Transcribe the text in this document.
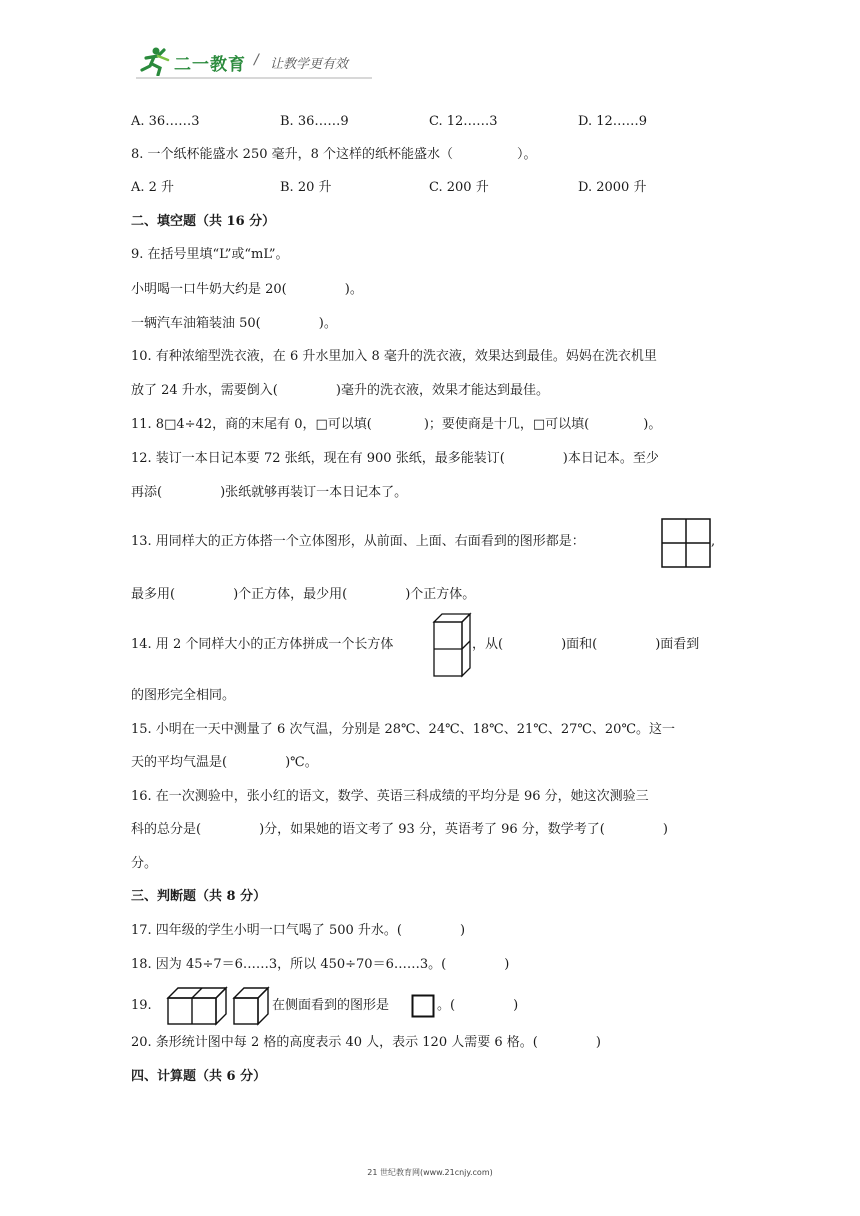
二一教育 / 让教学更有效
A. 36……3	B. 36……9	C. 12……3	D. 12……9
8. 一个纸杯能盛水 250 毫升，8 个这样的纸杯能盛水（	）。
A. 2 升	B. 20 升	C. 200 升	D. 2000 升
二、填空题（共 16 分）
9. 在括号里填“L”或“mL”。
小明喝一口牛奶大约是 20(	)。
一辆汽车油箱装油 50(	)。
10. 有种浓缩型洗衣液，在 6 升水里加入 8 毫升的洗衣液，效果达到最佳。妈妈在洗衣机里
放了 24 升水，需要倒入(	)毫升的洗衣液，效果才能达到最佳。
11. 8□4÷42，商的末尾有 0，□可以填(	)；要使商是十几，□可以填(	)。
12. 装订一本日记本要 72 张纸，现在有 900 张纸，最多能装订(	)本日记本。至少
再添(	)张纸就够再装订一本日记本了。
13. 用同样大的正方体搭一个立体图形，从前面、上面、右面看到的图形都是：	,
最多用(	)个正方体，最少用(	)个正方体。
14. 用 2 个同样大小的正方体拼成一个长方体	，从(	)面和(	)面看到
的图形完全相同。
15. 小明在一天中测量了 6 次气温，分别是 28℃、24℃、18℃、21℃、27℃、20℃。这一
天的平均气温是(	)℃。
16. 在一次测验中，张小红的语文，数学、英语三科成绩的平均分是 96 分，她这次测验三
科的总分是(	)分，如果她的语文考了 93 分，英语考了 96 分，数学考了(	)
分。
三、判断题（共 8 分）
17. 四年级的学生小明一口气喝了 500 升水。(	)
18. 因为 45÷7＝6……3，所以 450÷70＝6……3。(	)
19.	在侧面看到的图形是	。(	)
20. 条形统计图中每 2 格的高度表示 40 人，表示 120 人需要 6 格。(	)
四、计算题（共 6 分）
21 世纪教育网(www.21cnjy.com)
